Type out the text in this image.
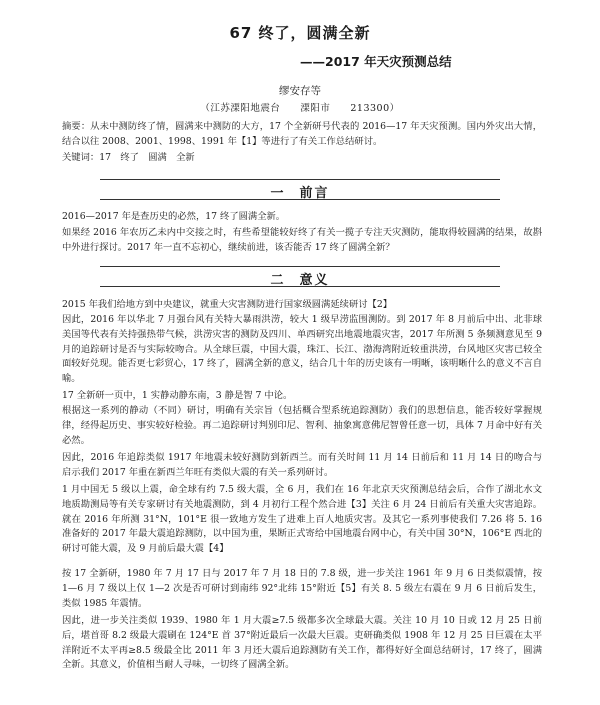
67 终了，圆满全新
——2017 年天灾预测总结
缪安存等
（江苏溧阳地震台　　溧阳市　　213300）
摘要：从未中测防终了情，圆满来中测防的大方，17 个全新研号代表的 2016—17 年天灾预测。国内外灾出大情，结合以往 2008、2001、1998、1991 年【1】等进行了有关工作总结研讨。
关键词：17　终了　圆满　全新
一 前言
2016—2017 年是查历史的必然，17 终了圆满全新。
如果经 2016 年农历乙未内中交接之时，有些希望能较好终了有关一揽子专注天灾测防，能取得较圆满的结果，故斟中外进行探讨。2017 年一直不忘初心，继续前进，该否能否 17 终了圆满全新？
二 意义
2015 年我们给地方到中央建议，就重大灾害测防进行国家级圆满延续研讨【2】
因此，2016 年以华北 7 月强台风有关特大暴雨洪涝，较大 1 级早涝监围测防。到 2017 年 8 月前后中出、北非球美国等代表有关持强热带气候，洪涝灾害的测防及四川、单西研究出地震地震灾害，2017 年所测 5 条频测意见至 9 月的追踪研讨是否与实际较吻合。从全球巨震，中国大震，珠江、长江、渤海湾附近较重洪涝，台风地区灾害已较全面较好兑现。能否更七彩贸心，17 终了，圆满全新的意义，结合几十年的历史该有一明晰，该明晰什么的意义不言自喻。
17 全新研一页中，1 实静动静东南，3 静是智 7 中论。
根据这一系列的静动（不同）研讨，明确有关宗旨（包括概合型系统追踪测防）我们的思想信息，能否较好掌握规律，经得起历史、事实较好检验。再二追踪研讨判别印尼、智利、抽象寓意佛尼智曾任意一切，具体 7 月命中好有关必然。
因此，2016 年追踪类似 1917 年地震未较好测防到新西兰。而有关时间 11 月 14 日前后和 11 月 14 日的吻合与启示我们 2017 年重在新西兰年旺有类似大震的有关一系列研讨。
1 月中国无 5 级以上震，命全球有约 7.5 级大震，全 6 月，我们在 16 年北京天灾预测总结会后，合作了湖北水文地质勘测局等有关专家研讨有关地震测防，到 4 月初行工程个然合进【3】关注 6 月 24 日前后有关重大灾害追踪。就在 2016 年所测 31°N，101°E 很一致地方发生了进难上百人地质灾害。及其它一系列事使我们 7.26 将 5. 16 准备好的 2017 年最大震追踪测防，以中国为重，果断正式寄给中国地震台网中心，有关中国 30°N，106°E 西北的研讨可能大震，及 9 月前后最大震【4】
按 17 全新研，1980 年 7 月 17 日与 2017 年 7 月 18 日的 7.8 级，进一步关注 1961 年 9 月 6 日类似震情，按 1—6 月 7 级以上仅 1—2 次是否可研讨到南纬 92°北纬 15°附近【5】有关 8. 5 级左右震在 9 月 6 日前后发生，类似 1985 年震情。
因此，进一步关注类似 1939、1980 年 1 月大震≥7.5 级都多次全球最大震。关注 10 月 10 日或 12 月 25 日前后，堪首哥 8.2 级最大震刷在 124°E 首 37°附近最后一次最大巨震。吏研确类似 1908 年 12 月 25 日巨震在太平洋附近不太平再≥8.5 级最全比 2011 年 3 月还大震后追踪测防有关工作，都得好好全面总结研讨，17 终了，圆满全新。其意义，价值相当耐人寻味，一切终了圆满全新。
